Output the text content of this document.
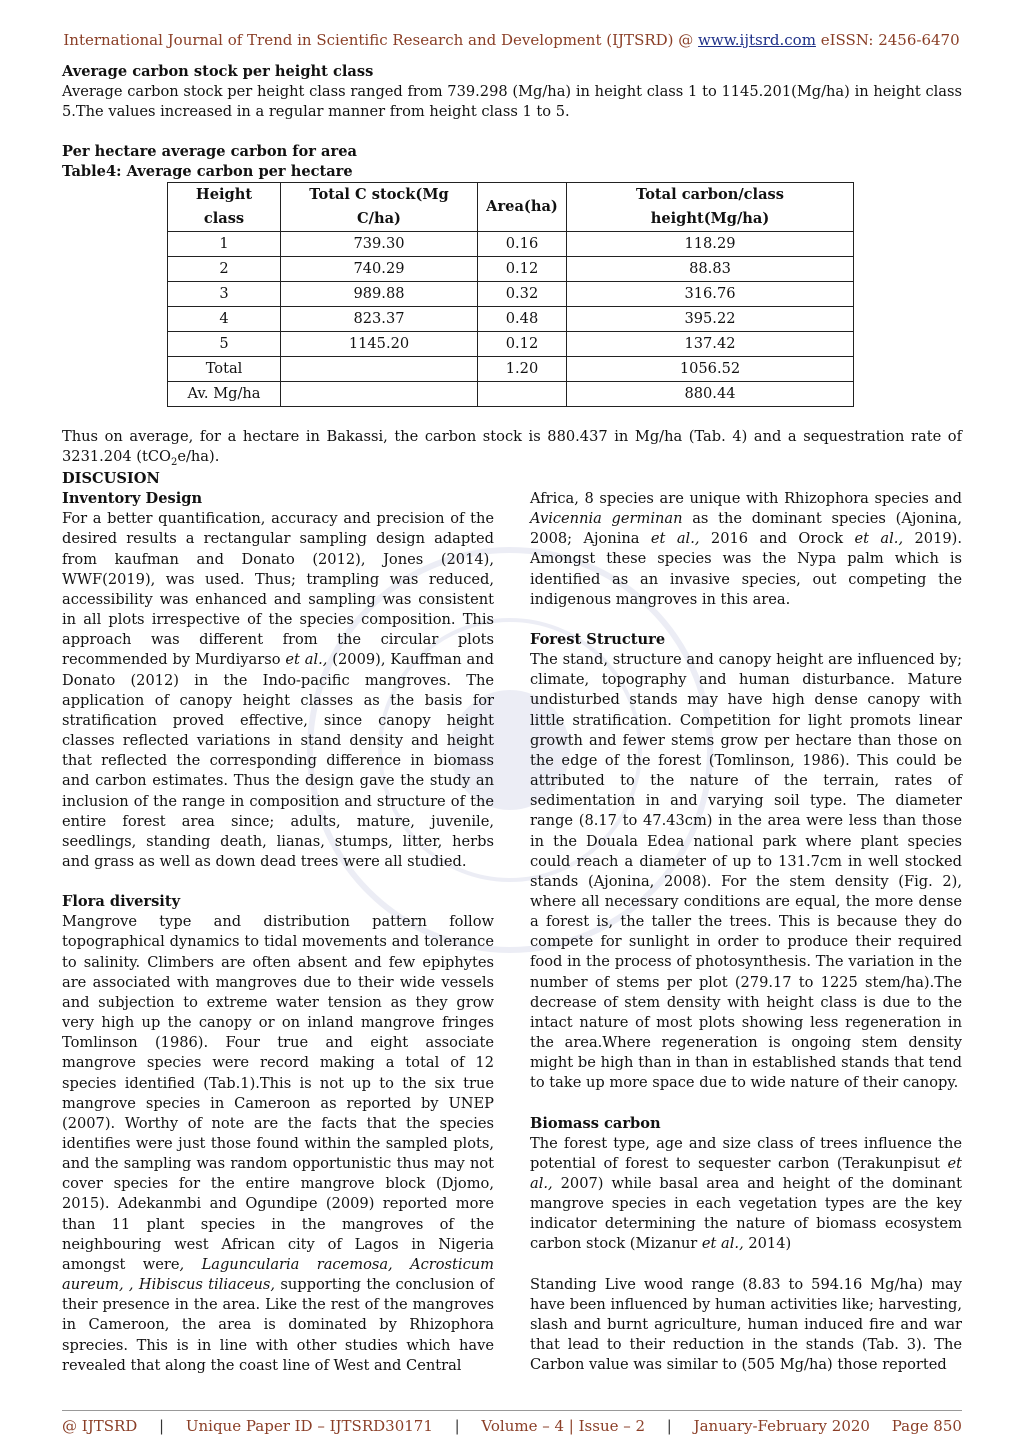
International Journal of Trend in Scientific Research and Development (IJTSRD) @ www.ijtsrd.com eISSN: 2456-6470

Average carbon stock per height class

Average carbon stock per height class ranged from 739.298 (Mg/ha) in height class 1 to 1145.201(Mg/ha) in height class 5.The values increased in a regular manner from height class 1 to 5.

Per hectare average carbon for area

Table4: Average carbon per hectare

Height class	Total C stock(Mg C/ha)	Area(ha)	Total carbon/class height(Mg/ha)
1	739.30	0.16	118.29
2	740.29	0.12	88.83
3	989.88	0.32	316.76
4	823.37	0.48	395.22
5	1145.20	0.12	137.42
Total		1.20	1056.52
Av. Mg/ha			880.44

Thus on average, for a hectare in Bakassi, the carbon stock is 880.437 in Mg/ha (Tab. 4) and a sequestration rate of 3231.204 (tCO$_2$e/ha).

DISCUSION

Inventory Design

For a better quantification, accuracy and precision of the desired results a rectangular sampling design adapted from kaufman and Donato (2012), Jones (2014), WWF(2019), was used. Thus; trampling was reduced, accessibility was enhanced and sampling was consistent in all plots irrespective of the species composition. This approach was different from the circular plots recommended by Murdiyarso et al., (2009), Kauffman and Donato (2012) in the Indo-pacific mangroves. The application of canopy height classes as the basis for stratification proved effective, since canopy height classes reflected variations in stand density and height that reflected the corresponding difference in biomass and carbon estimates. Thus the design gave the study an inclusion of the range in composition and structure of the entire forest area since; adults, mature, juvenile, seedlings, standing death, lianas, stumps, litter, herbs and grass as well as down dead trees were all studied.

Flora diversity

Mangrove type and distribution pattern follow topographical dynamics to tidal movements and tolerance to salinity. Climbers are often absent and few epiphytes are associated with mangroves due to their wide vessels and subjection to extreme water tension as they grow very high up the canopy or on inland mangrove fringes Tomlinson (1986). Four true and eight associate mangrove species were record making a total of 12 species identified (Tab.1).This is not up to the six true mangrove species in Cameroon as reported by UNEP (2007). Worthy of note are the facts that the species identifies were just those found within the sampled plots, and the sampling was random opportunistic thus may not cover species for the entire mangrove block (Djomo, 2015). Adekanmbi and Ogundipe (2009) reported more than 11 plant species in the mangroves of the neighbouring west African city of Lagos in Nigeria amongst were, Laguncularia racemosa, Acrosticum aureum, , Hibiscus tiliaceus, supporting the conclusion of their presence in the area. Like the rest of the mangroves in Cameroon, the area is dominated by Rhizophora sprecies. This is in line with other studies which have revealed that along the coast line of West and Central

Africa, 8 species are unique with Rhizophora species and Avicennia germinan as the dominant species (Ajonina, 2008; Ajonina et al., 2016 and Orock et al., 2019). Amongst these species was the Nypa palm which is identified as an invasive species, out competing the indigenous mangroves in this area.

Forest Structure

The stand, structure and canopy height are influenced by; climate, topography and human disturbance. Mature undisturbed stands may have high dense canopy with little stratification. Competition for light promots linear growth and fewer stems grow per hectare than those on the edge of the forest (Tomlinson, 1986). This could be attributed to the nature of the terrain, rates of sedimentation in and varying soil type. The diameter range (8.17 to 47.43cm) in the area were less than those in the Douala Edea national park where plant species could reach a diameter of up to 131.7cm in well stocked stands (Ajonina, 2008). For the stem density (Fig. 2), where all necessary conditions are equal, the more dense a forest is, the taller the trees. This is because they do compete for sunlight in order to produce their required food in the process of photosynthesis. The variation in the number of stems per plot (279.17 to 1225 stem/ha).The decrease of stem density with height class is due to the intact nature of most plots showing less regeneration in the area.Where regeneration is ongoing stem density might be high than in than in established stands that tend to take up more space due to wide nature of their canopy.

Biomass carbon

The forest type, age and size class of trees influence the potential of forest to sequester carbon (Terakunpisut et al., 2007) while basal area and height of the dominant mangrove species in each vegetation types are the key indicator determining the nature of biomass ecosystem carbon stock (Mizanur et al., 2014)

Standing Live wood range (8.83 to 594.16 Mg/ha) may have been influenced by human activities like; harvesting, slash and burnt agriculture, human induced fire and war that lead to their reduction in the stands (Tab. 3). The Carbon value was similar to (505 Mg/ha) those reported

@ IJTSRD | Unique Paper ID – IJTSRD30171 | Volume – 4 | Issue – 2 | January-February 2020 Page 850
